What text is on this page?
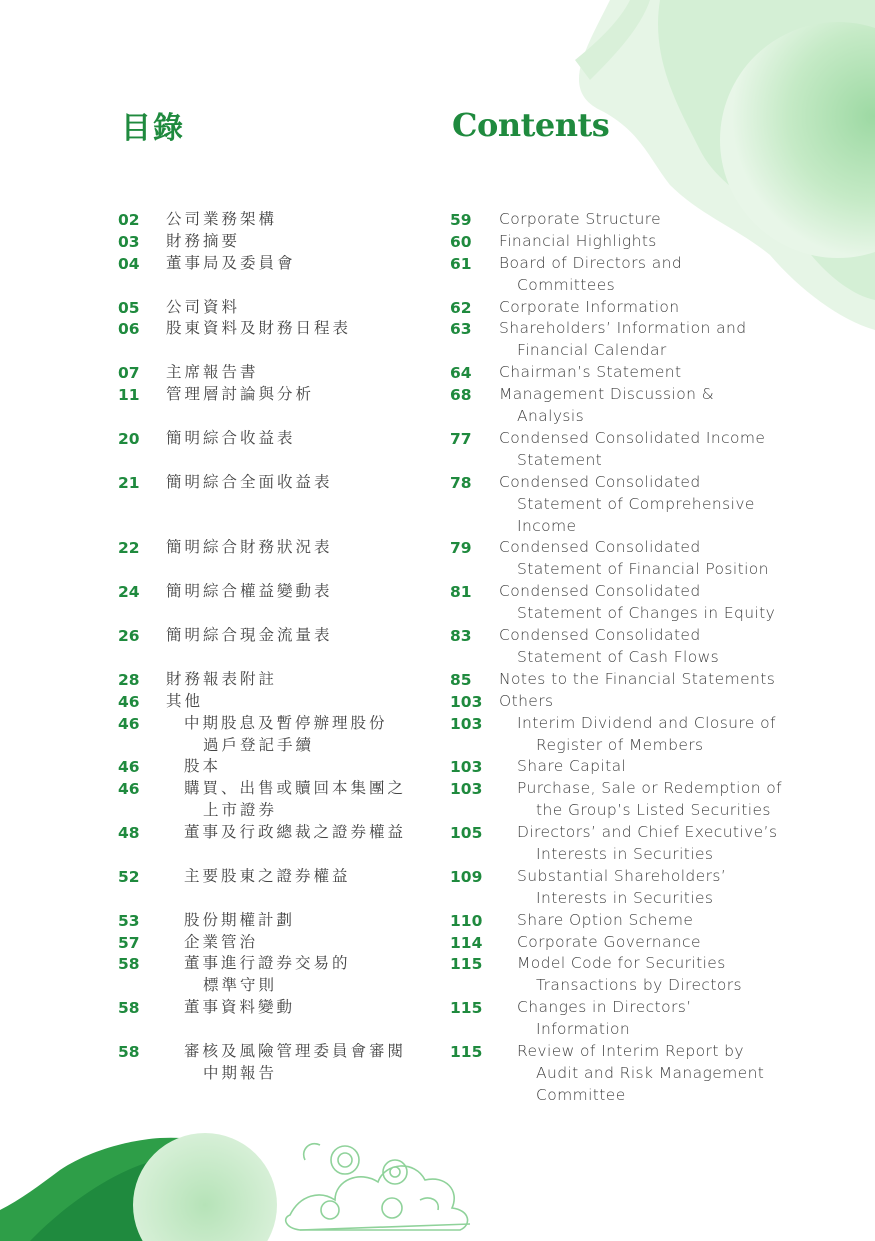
目錄	Contents
02	公司業務架構
03	財務摘要
04	董事局及委員會
05	公司資料
06	股東資料及財務日程表
07	主席報告書
11	管理層討論與分析
20	簡明綜合收益表
21	簡明綜合全面收益表
22	簡明綜合財務狀況表
24	簡明綜合權益變動表
26	簡明綜合現金流量表
28	財務報表附註
46	其他
46	中期股息及暫停辦理股份
過戶登記手續
46	股本
46	購買、出售或贖回本集團之
上市證券
48	董事及行政總裁之證券權益
52	主要股東之證券權益
53	股份期權計劃
57	企業管治
58	董事進行證券交易的
標準守則
58	董事資料變動
58	審核及風險管理委員會審閱
中期報告
59	Corporate Structure
60	Financial Highlights
61	Board of Directors and
Committees
62	Corporate Information
63	Shareholders’ Information and
Financial Calendar
64	Chairman’s Statement
68	Management Discussion &
Analysis
77	Condensed Consolidated Income
Statement
78	Condensed Consolidated
Statement of Comprehensive
Income
79	Condensed Consolidated
Statement of Financial Position
81	Condensed Consolidated
Statement of Changes in Equity
83	Condensed Consolidated
Statement of Cash Flows
85	Notes to the Financial Statements
103	Others
103	Interim Dividend and Closure of
Register of Members
103	Share Capital
103	Purchase, Sale or Redemption of
the Group’s Listed Securities
105	Directors’ and Chief Executive’s
Interests in Securities
109	Substantial Shareholders’
Interests in Securities
110	Share Option Scheme
114	Corporate Governance
115	Model Code for Securities
Transactions by Directors
115	Changes in Directors’
Information
115	Review of Interim Report by
Audit and Risk Management
Committee
